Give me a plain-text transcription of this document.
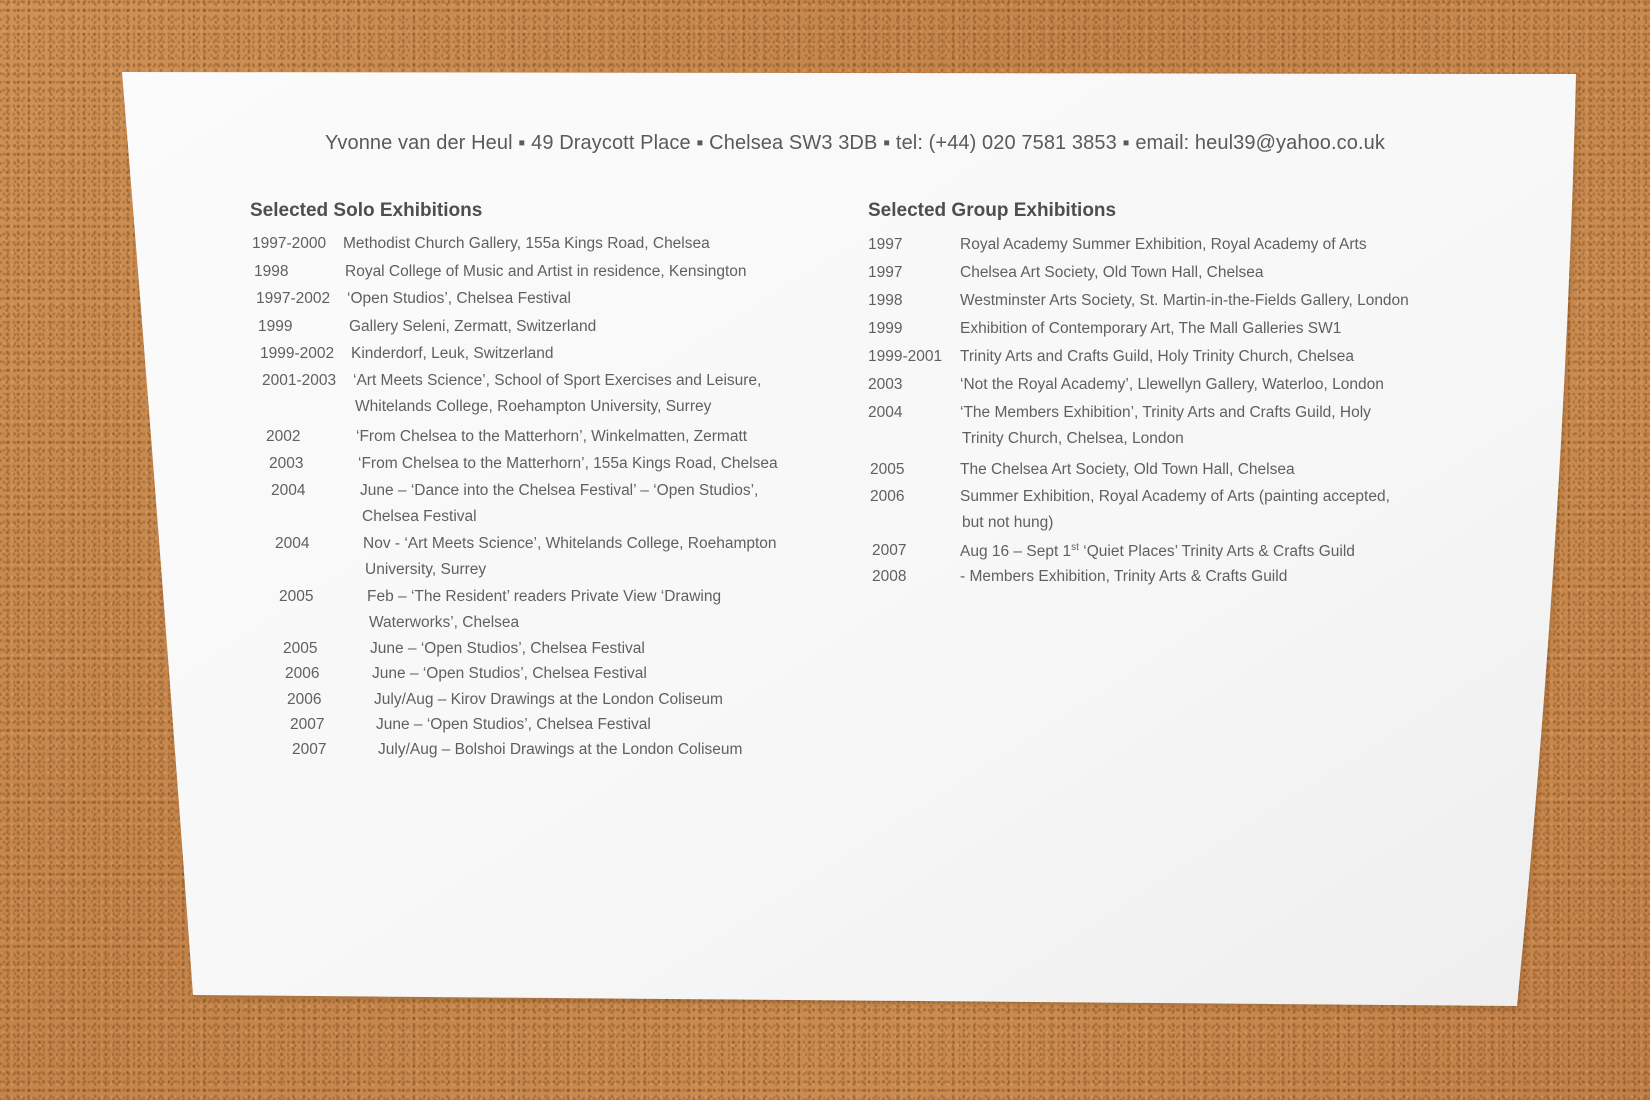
Yvonne van der Heul ▪ 49 Draycott Place ▪ Chelsea SW3 3DB ▪ tel: (+44) 020 7581 3853 ▪ email: heul39@yahoo.co.uk
Selected Solo Exhibitions	Selected Group Exhibitions
1997-2000 Methodist Church Gallery, 155a Kings Road, Chelsea
1998	Royal College of Music and Artist in residence, Kensington
1997-2002 ‘Open Studios’, Chelsea Festival
1999	Gallery Seleni, Zermatt, Switzerland
1999-2002 Kinderdorf, Leuk, Switzerland
2001-2003 ‘Art Meets Science’, School of Sport Exercises and Leisure,
Whitelands College, Roehampton University, Surrey
2002	‘From Chelsea to the Matterhorn’, Winkelmatten, Zermatt
2003	‘From Chelsea to the Matterhorn’, 155a Kings Road, Chelsea
2004	June – ‘Dance into the Chelsea Festival’ – ‘Open Studios’,
Chelsea Festival
2004	Nov - ‘Art Meets Science’, Whitelands College, Roehampton
University, Surrey
2005	Feb – ‘The Resident’ readers Private View ‘Drawing
Waterworks’, Chelsea
2005	June – ‘Open Studios’, Chelsea Festival
2006	June – ‘Open Studios’, Chelsea Festival
2006	July/Aug – Kirov Drawings at the London Coliseum
2007	June – ‘Open Studios’, Chelsea Festival
2007	July/Aug – Bolshoi Drawings at the London Coliseum
1997	Royal Academy Summer Exhibition, Royal Academy of Arts
1997	Chelsea Art Society, Old Town Hall, Chelsea
1998	Westminster Arts Society, St. Martin-in-the-Fields Gallery, London
1999	Exhibition of Contemporary Art, The Mall Galleries SW1
1999-2001 Trinity Arts and Crafts Guild, Holy Trinity Church, Chelsea
2003	‘Not the Royal Academy’, Llewellyn Gallery, Waterloo, London
2004	‘The Members Exhibition’, Trinity Arts and Crafts Guild, Holy
Trinity Church, Chelsea, London
2005	The Chelsea Art Society, Old Town Hall, Chelsea
2006	Summer Exhibition, Royal Academy of Arts (painting accepted,
but not hung)
2007	Aug 16 – Sept 1st ‘Quiet Places’ Trinity Arts & Crafts Guild
2008	- Members Exhibition, Trinity Arts & Crafts Guild
